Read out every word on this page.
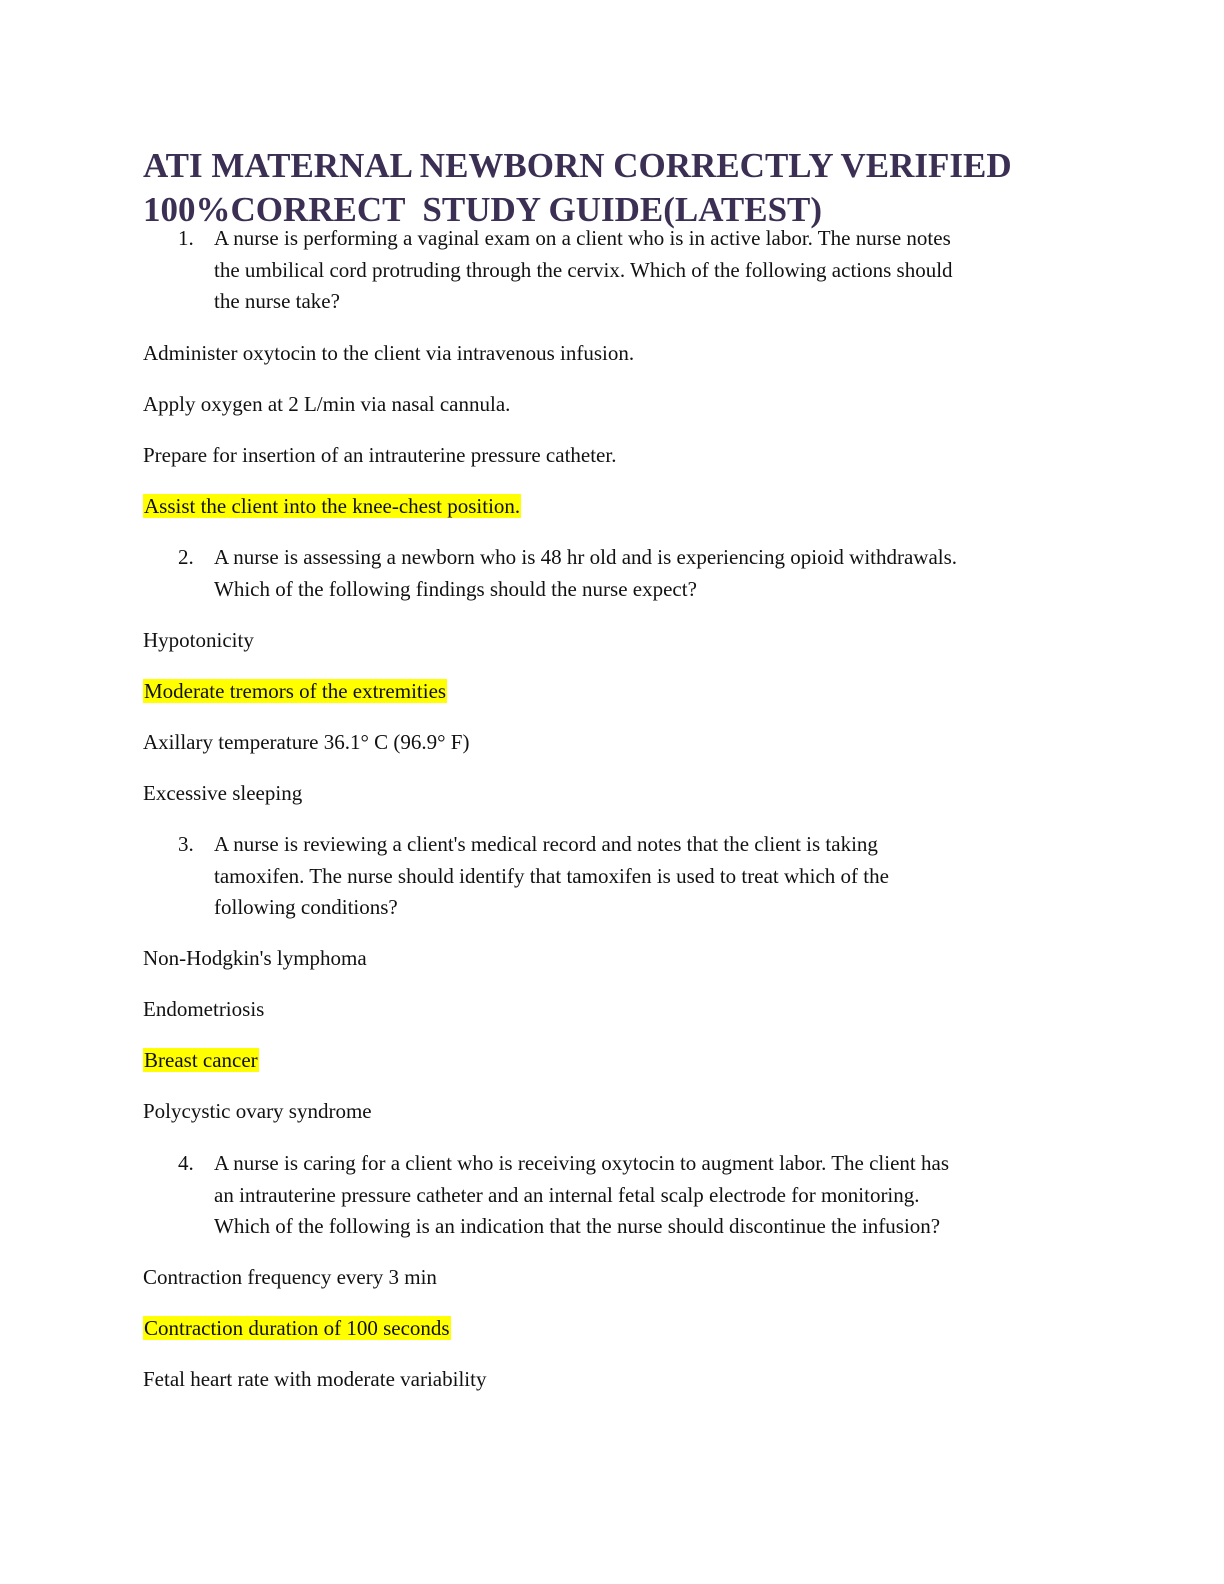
ATI MATERNAL NEWBORN CORRECTLY VERIFIED
100%CORRECT  STUDY GUIDE(LATEST)
1. A nurse is performing a vaginal exam on a client who is in active labor. The nurse notes
the umbilical cord protruding through the cervix. Which of the following actions should
the nurse take?
Administer oxytocin to the client via intravenous infusion.
Apply oxygen at 2 L/min via nasal cannula.
Prepare for insertion of an intrauterine pressure catheter.
Assist the client into the knee-chest position.
2. A nurse is assessing a newborn who is 48 hr old and is experiencing opioid withdrawals.
Which of the following findings should the nurse expect?
Hypotonicity
Moderate tremors of the extremities
Axillary temperature 36.1° C (96.9° F)
Excessive sleeping
3. A nurse is reviewing a client's medical record and notes that the client is taking
tamoxifen. The nurse should identify that tamoxifen is used to treat which of the
following conditions?
Non-Hodgkin's lymphoma
Endometriosis
Breast cancer
Polycystic ovary syndrome
4. A nurse is caring for a client who is receiving oxytocin to augment labor. The client has
an intrauterine pressure catheter and an internal fetal scalp electrode for monitoring.
Which of the following is an indication that the nurse should discontinue the infusion?
Contraction frequency every 3 min
Contraction duration of 100 seconds
Fetal heart rate with moderate variability
